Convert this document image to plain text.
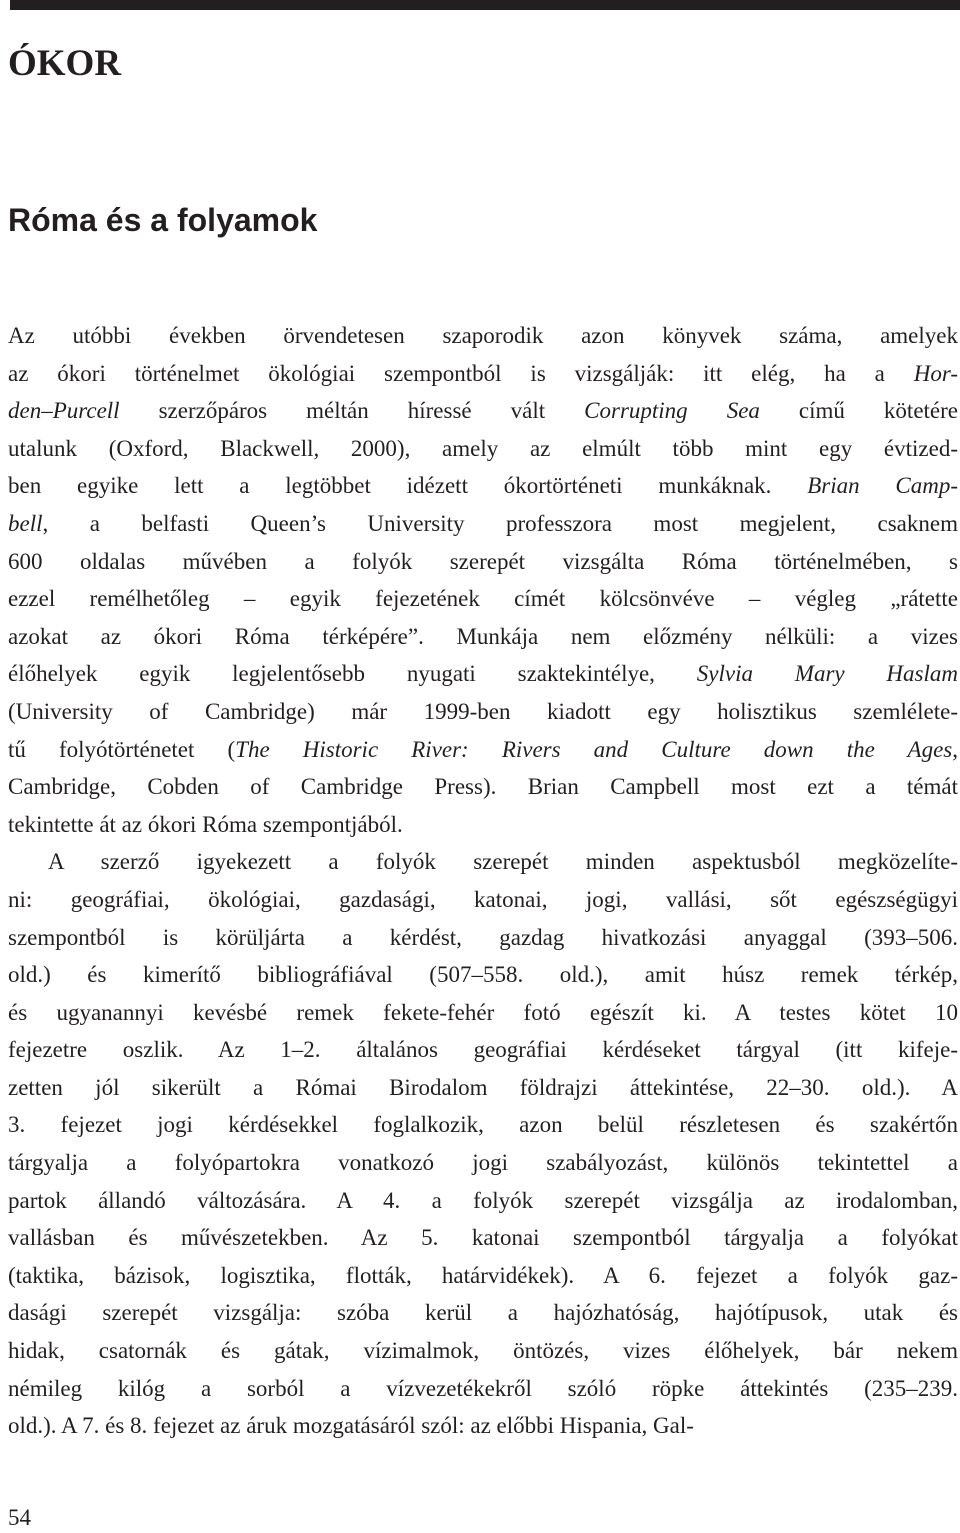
ÓKOR
Róma és a folyamok
Az utóbbi években örvendetesen szaporodik azon könyvek száma, amelyek
az ókori történelmet ökológiai szempontból is vizsgálják: itt elég, ha a Hor-
den–Purcell szerzőpáros méltán híressé vált Corrupting Sea című kötetére
utalunk (Oxford, Blackwell, 2000), amely az elmúlt több mint egy évtized-
ben egyike lett a legtöbbet idézett ókortörténeti munkáknak. Brian Camp-
bell, a belfasti Queen’s University professzora most megjelent, csaknem
600 oldalas művében a folyók szerepét vizsgálta Róma történelmében, s
ezzel remélhetőleg – egyik fejezetének címét kölcsönvéve – végleg „rátette
azokat az ókori Róma térképére”. Munkája nem előzmény nélküli: a vizes
élőhelyek egyik legjelentősebb nyugati szaktekintélye, Sylvia Mary Haslam
(University of Cambridge) már 1999-ben kiadott egy holisztikus szemlélete-
tű folyótörténetet (The Historic River: Rivers and Culture down the Ages,
Cambridge, Cobden of Cambridge Press). Brian Campbell most ezt a témát
tekintette át az ókori Róma szempontjából.
A szerző igyekezett a folyók szerepét minden aspektusból megközelíte-
ni: geográfiai, ökológiai, gazdasági, katonai, jogi, vallási, sőt egészségügyi
szempontból is körüljárta a kérdést, gazdag hivatkozási anyaggal (393–506.
old.) és kimerítő bibliográfiával (507–558. old.), amit húsz remek térkép,
és ugyanannyi kevésbé remek fekete-fehér fotó egészít ki. A testes kötet 10
fejezetre oszlik. Az 1–2. általános geográfiai kérdéseket tárgyal (itt kifeje-
zetten jól sikerült a Római Birodalom földrajzi áttekintése, 22–30. old.). A
3. fejezet jogi kérdésekkel foglalkozik, azon belül részletesen és szakértőn
tárgyalja a folyópartokra vonatkozó jogi szabályozást, különös tekintettel a
partok állandó változására. A 4. a folyók szerepét vizsgálja az irodalomban,
vallásban és művészetekben. Az 5. katonai szempontból tárgyalja a folyókat
(taktika, bázisok, logisztika, flották, határvidékek). A 6. fejezet a folyók gaz-
dasági szerepét vizsgálja: szóba kerül a hajózhatóság, hajótípusok, utak és
hidak, csatornák és gátak, vízimalmok, öntözés, vizes élőhelyek, bár nekem
némileg kilóg a sorból a vízvezetékekről szóló röpke áttekintés (235–239.
old.). A 7. és 8. fejezet az áruk mozgatásáról szól: az előbbi Hispania, Gal-
54
